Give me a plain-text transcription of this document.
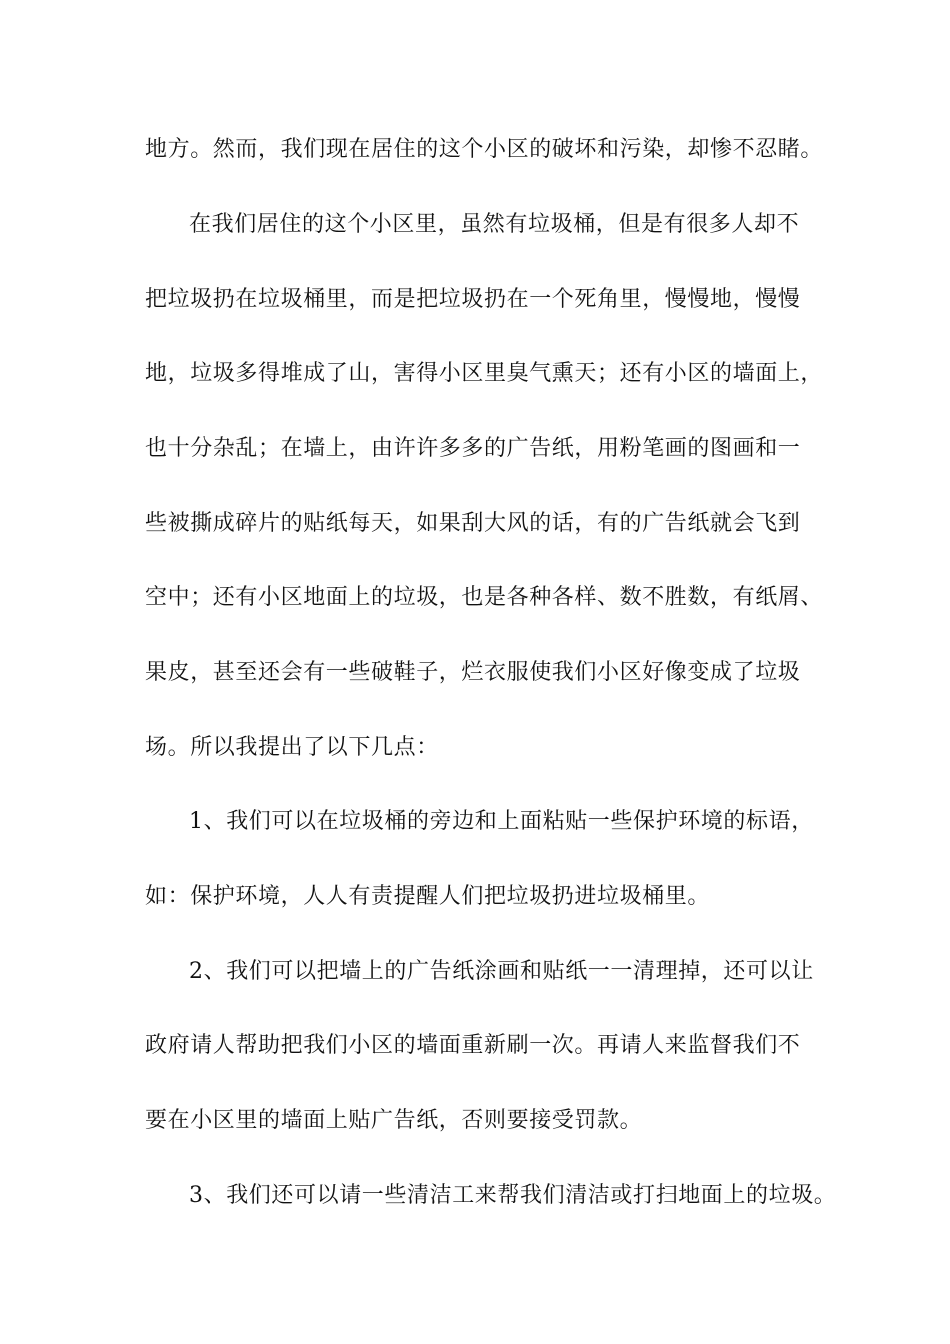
地方。然而，我们现在居住的这个小区的破坏和污染，却惨不忍睹。
在我们居住的这个小区里，虽然有垃圾桶，但是有很多人却不
把垃圾扔在垃圾桶里，而是把垃圾扔在一个死角里，慢慢地，慢慢
地，垃圾多得堆成了山，害得小区里臭气熏天；还有小区的墙面上，
也十分杂乱；在墙上，由许许多多的广告纸，用粉笔画的图画和一
些被撕成碎片的贴纸每天，如果刮大风的话，有的广告纸就会飞到
空中；还有小区地面上的垃圾，也是各种各样、数不胜数，有纸屑、
果皮，甚至还会有一些破鞋子，烂衣服使我们小区好像变成了垃圾
场。所以我提出了以下几点：
1、我们可以在垃圾桶的旁边和上面粘贴一些保护环境的标语，
如：保护环境，人人有责提醒人们把垃圾扔进垃圾桶里。
2、我们可以把墙上的广告纸涂画和贴纸一一清理掉，还可以让
政府请人帮助把我们小区的墙面重新刷一次。再请人来监督我们不
要在小区里的墙面上贴广告纸，否则要接受罚款。
3、我们还可以请一些清洁工来帮我们清洁或打扫地面上的垃圾。
